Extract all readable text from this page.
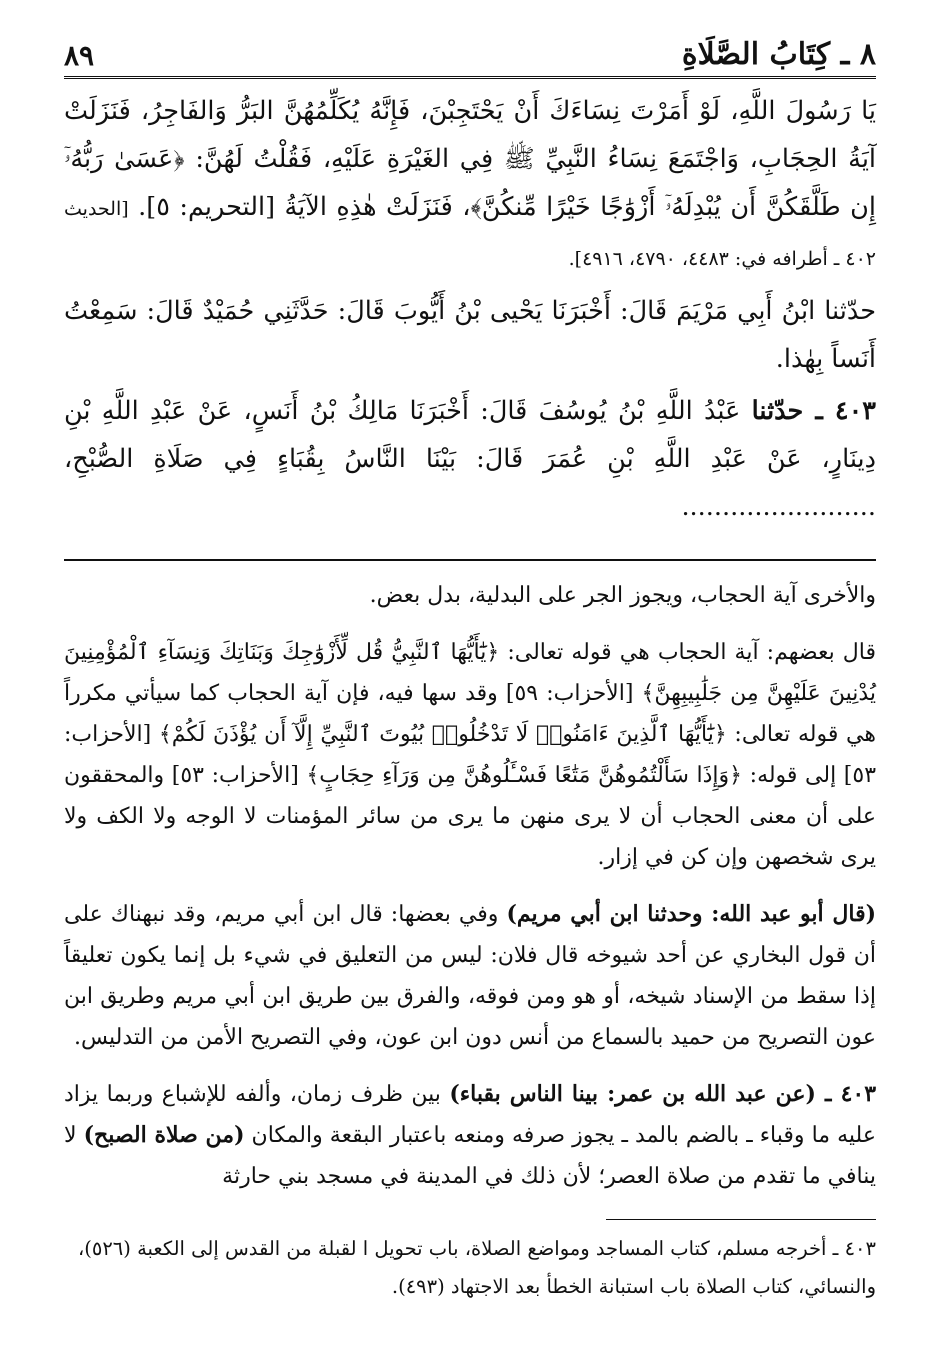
٨ ـ كِتَابُ الصَّلَاةِ
٨٩

يَا رَسُولَ اللَّهِ، لَوْ أَمَرْتَ نِسَاءَكَ أَنْ يَحْتَجِبْنَ، فَإِنَّهُ يُكَلِّمُهُنَّ البَرُّ وَالفَاجِرُ، فَنَزَلَتْ آيَةُ الحِجَابِ، وَاجْتَمَعَ نِسَاءُ النَّبِيِّ ﷺ فِي الغَيْرَةِ عَلَيْهِ، فَقُلْتُ لَهُنَّ: ﴿عَسَىٰ رَبُّهُۥٓ إِن طَلَّقَكُنَّ أَن يُبْدِلَهُۥٓ أَزْوَٰجًا خَيْرًا مِّنكُنَّ﴾، فَنَزَلَتْ هٰذِهِ الآيَةُ [التحريم: ٥]. [الحديث ٤٠٢ ـ أطرافه في: ٤٤٨٣، ٤٧٩٠، ٤٩١٦].

حدّثنا ابْنُ أَبِي مَرْيَمَ قَالَ: أَخْبَرَنَا يَحْيى بْنُ أَيُّوبَ قَالَ: حَدَّثَنِي حُمَيْدٌ قَالَ: سَمِعْتُ أَنَساً بِهٰذا.

٤٠٣ ـ حدّثنا عَبْدُ اللَّهِ بْنُ يُوسُفَ قَالَ: أَخْبَرَنَا مَالِكُ بْنُ أَنَسٍ، عَنْ عَبْدِ اللَّهِ بْنِ دِينَارٍ، عَنْ عَبْدِ اللَّهِ بْنِ عُمَرَ قَالَ: بَيْنَا النَّاسُ بِقُبَاءٍ فِي صَلَاةِ الصُّبْحِ، ........................

والأخرى آية الحجاب، ويجوز الجر على البدلية، بدل بعض.

قال بعضهم: آية الحجاب هي قوله تعالى: ﴿يَٰٓأَيُّهَا ٱلنَّبِيُّ قُل لِّأَزْوَٰجِكَ وَبَنَاتِكَ وَنِسَآءِ ٱلْمُؤْمِنِينَ يُدْنِينَ عَلَيْهِنَّ مِن جَلَٰبِيبِهِنَّ﴾ [الأحزاب: ٥٩] وقد سها فيه، فإن آية الحجاب كما سيأتي مكرراً هي قوله تعالى: ﴿يَٰٓأَيُّهَا ٱلَّذِينَ ءَامَنُوا۟ لَا تَدْخُلُوا۟ بُيُوتَ ٱلنَّبِيِّ إِلَّآ أَن يُؤْذَنَ لَكُمْ﴾ [الأحزاب: ٥٣] إلى قوله: ﴿وَإِذَا سَأَلْتُمُوهُنَّ مَتَٰعًا فَسْـَٔلُوهُنَّ مِن وَرَآءِ حِجَابٍ﴾ [الأحزاب: ٥٣] والمحققون على أن معنى الحجاب أن لا يرى منهن ما يرى من سائر المؤمنات لا الوجه ولا الكف ولا يرى شخصهن وإن كن في إزار.

(قال أبو عبد الله: وحدثنا ابن أبي مريم) وفي بعضها: قال ابن أبي مريم، وقد نبهناك على أن قول البخاري عن أحد شيوخه قال فلان: ليس من التعليق في شيء بل إنما يكون تعليقاً إذا سقط من الإسناد شيخه، أو هو ومن فوقه، والفرق بين طريق ابن أبي مريم وطريق ابن عون التصريح من حميد بالسماع من أنس دون ابن عون، وفي التصريح الأمن من التدليس.

٤٠٣ ـ (عن عبد الله بن عمر: بينا الناس بقباء) بين ظرف زمان، وألفه للإشباع وربما يزاد عليه ما وقباء ـ بالضم بالمد ـ يجوز صرفه ومنعه باعتبار البقعة والمكان (من صلاة الصبح) لا ينافي ما تقدم من صلاة العصر؛ لأن ذلك في المدينة في مسجد بني حارثة

٤٠٣ ـ أخرجه مسلم، كتاب المساجد ومواضع الصلاة، باب تحويل ا لقبلة من القدس إلى الكعبة (٥٢٦)،

والنسائي، كتاب الصلاة باب استبانة الخطأ بعد الاجتهاد (٤٩٣).
